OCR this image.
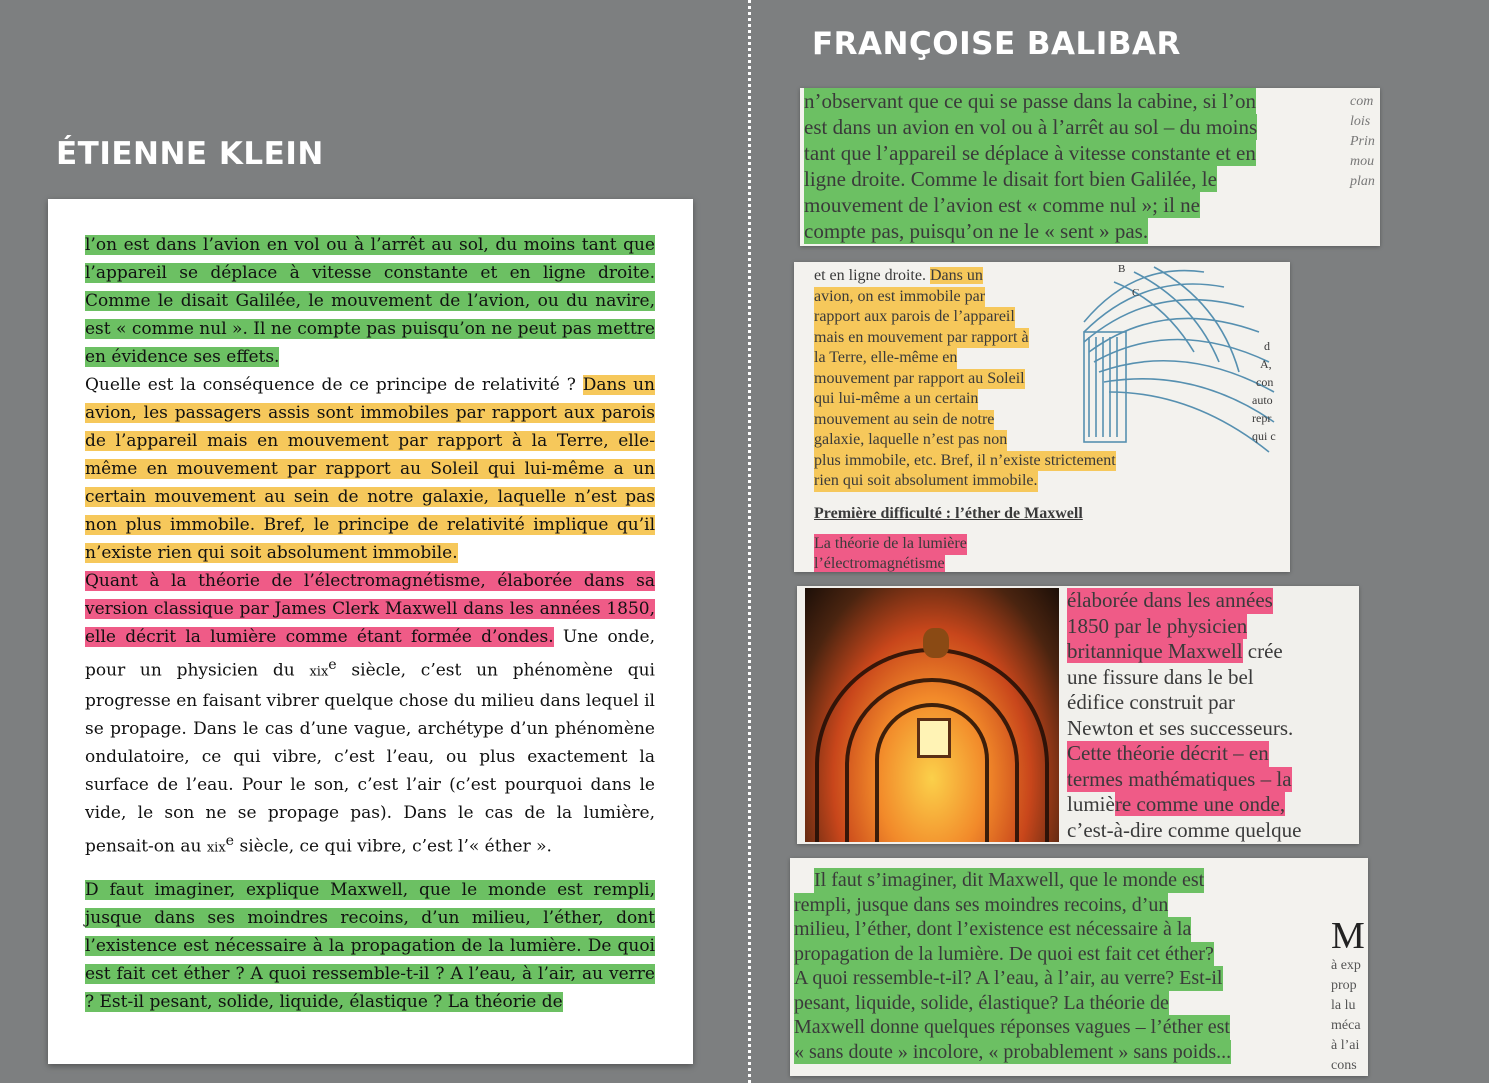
ÉTIENNE KLEIN
FRANÇOISE BALIBAR

l’on est dans l’avion en vol ou à l’arrêt au sol, du moins tant que l’appareil se déplace à vitesse constante et en ligne droite. Comme le disait Galilée, le mouvement de l’avion, ou du navire, est « comme nul ». Il ne compte pas puisqu’on ne peut pas mettre en évidence ses effets.

Quelle est la conséquence de ce principe de relativité ? Dans un avion, les passagers assis sont immobiles par rapport aux parois de l’appareil mais en mouvement par rapport à la Terre, elle-même en mouvement par rapport au Soleil qui lui-même a un certain mouvement au sein de notre galaxie, laquelle n’est pas non plus immobile. Bref, le principe de relativité implique qu’il n’existe rien qui soit absolument immobile.

Quant à la théorie de l’électromagnétisme, élaborée dans sa version classique par James Clerk Maxwell dans les années 1850, elle décrit la lumière comme étant formée d’ondes. Une onde, pour un physicien du xix$^e$ siècle, c’est un phénomène qui progresse en faisant vibrer quelque chose du milieu dans lequel il se propage. Dans le cas d’une vague, archétype d’un phénomène ondulatoire, ce qui vibre, c’est l’eau, ou plus exactement la surface de l’eau. Pour le son, c’est l’air (c’est pourquoi dans le vide, le son ne se propage pas). Dans le cas de la lumière, pensait-on au xix$^e$ siècle, ce qui vibre, c’est l’« éther ».

D faut imaginer, explique Maxwell, que le monde est rempli, jusque dans ses moindres recoins, d’un milieu, l’éther, dont l’existence est nécessaire à la propagation de la lumière. De quoi est fait cet éther ? A quoi ressemble-t-il ? A l’eau, à l’air, au verre ? Est-il pesant, solide, liquide, élastique ? La théorie de

n’observant que ce qui se passe dans la cabine, si l’on
est dans un avion en vol ou à l’arrêt au sol – du moins
tant que l’appareil se déplace à vitesse constante et en
ligne droite. Comme le disait fort bien Galilée, le
mouvement de l’avion est « comme nul »; il ne
compte pas, puisqu’on ne le « sent » pas.
com
lois
Prin
mou
plan
B
C
et en ligne droite. Dans un
avion, on est immobile par
rapport aux parois de l’appareil
mais en mouvement par rapport à
la Terre, elle-même en
mouvement par rapport au Soleil
qui lui-même a un certain
mouvement au sein de notre
galaxie, laquelle n’est pas non
plus immobile, etc. Bref, il n’existe strictement
rien qui soit absolument immobile.
Première difficulté : l’éther de Maxwell
La théorie de la lumière
l’électromagnétisme
d
A,
con
auto
repr
qui c
élaborée dans les années
1850 par le physicien
britannique Maxwell crée
une fissure dans le bel
édifice construit par
Newton et ses successeurs.
Cette théorie décrit – en
termes mathématiques – la
lumière comme une onde,
c’est-à-dire comme quelque
Il faut s’imaginer, dit Maxwell, que le monde est
rempli, jusque dans ses moindres recoins, d’un
milieu, l’éther, dont l’existence est nécessaire à la
propagation de la lumière. De quoi est fait cet éther?
A quoi ressemble-t-il? A l’eau, à l’air, au verre? Est-il
pesant, liquide, solide, élastique? La théorie de
Maxwell donne quelques réponses vagues – l’éther est
« sans doute » incolore, « probablement » sans poids...
M
à exp
prop
la lu
méca
à l’ai
cons
